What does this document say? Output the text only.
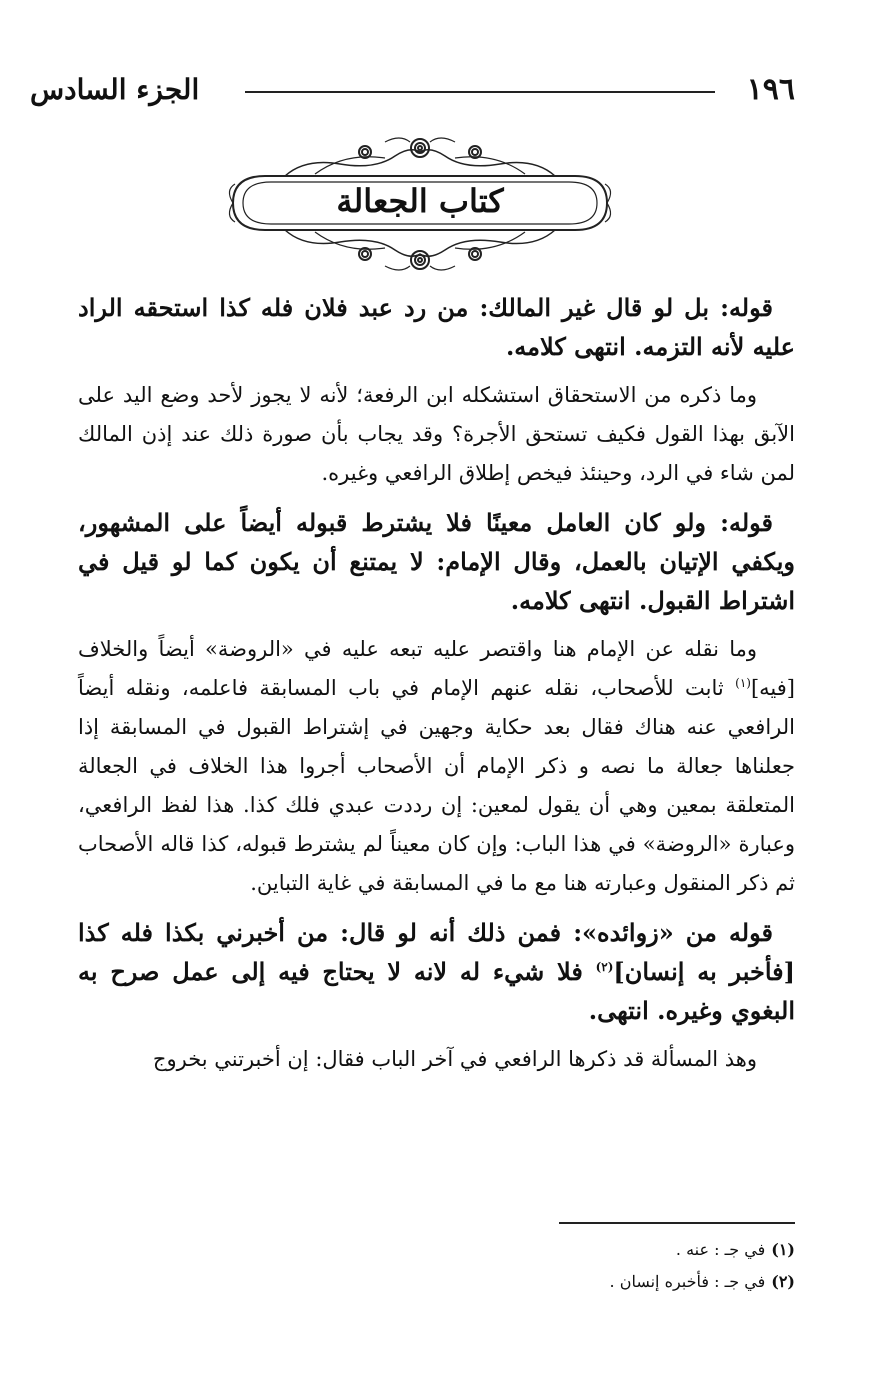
١٩٦
الجزء السادس
كتاب الجعالة

قوله: بل لو قال غير المالك: من رد عبد فلان فله كذا استحقه الراد عليه لأنه التزمه. انتهى كلامه.

وما ذكره من الاستحقاق استشكله ابن الرفعة؛ لأنه لا يجوز لأحد وضع اليد على الآبق بهذا القول فكيف تستحق الأجرة؟ وقد يجاب بأن صورة ذلك عند إذن المالك لمن شاء في الرد، وحينئذ فيخص إطلاق الرافعي وغيره.

قوله: ولو كان العامل معينًا فلا يشترط قبوله أيضاً على المشهور، ويكفي الإتيان بالعمل، وقال الإمام: لا يمتنع أن يكون كما لو قيل في اشتراط القبول. انتهى كلامه.

وما نقله عن الإمام هنا واقتصر عليه تبعه عليه في «الروضة» أيضاً والخلاف [فيه]$^{(١)}$ ثابت للأصحاب، نقله عنهم الإمام في باب المسابقة فاعلمه، ونقله أيضاً الرافعي عنه هناك فقال بعد حكاية وجهين في إشتراط القبول في المسابقة إذا جعلناها جعالة ما نصه و ذكر الإمام أن الأصحاب أجروا هذا الخلاف في الجعالة المتعلقة بمعين وهي أن يقول لمعين: إن رددت عبدي فلك كذا. هذا لفظ الرافعي، وعبارة «الروضة» في هذا الباب: وإن كان معيناً لم يشترط قبوله، كذا قاله الأصحاب ثم ذكر المنقول وعبارته هنا مع ما في المسابقة في غاية التباين.

قوله من «زوائده»: فمن ذلك أنه لو قال: من أخبرني بكذا فله كذا [فأخبر به إنسان]$^{(٢)}$ فلا شيء له لانه لا يحتاج فيه إلى عمل صرح به البغوي وغيره. انتهى.

وهذ المسألة قد ذكرها الرافعي في آخر الباب فقال: إن أخبرتني بخروج

(١)في جـ : عنه .

(٢)في جـ : فأخبره إنسان .
